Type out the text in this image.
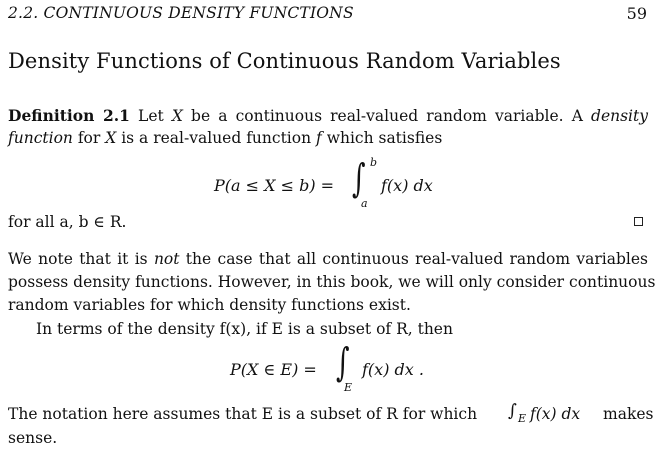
2.2. CONTINUOUS DENSITY FUNCTIONS	59
Density Functions of Continuous Random Variables
Definition 2.1 Let X be a continuous real-valued random variable. A density
function for X is a real-valued function f which satisfies
P(a ≤ X ≤ b) = ∫ b
a
f(x) dx
for all a, b ∈ R.
We note that it is not the case that all continuous real-valued random variables
possess density functions. However, in this book, we will only consider continuous
random variables for which density functions exist.
In terms of the density f(x), if E is a subset of R, then
P(X ∈ E) = ∫
E
f(x) dx .
The notation here assumes that E is a subset of R for which ∫ E f(x) dx makes
sense.
